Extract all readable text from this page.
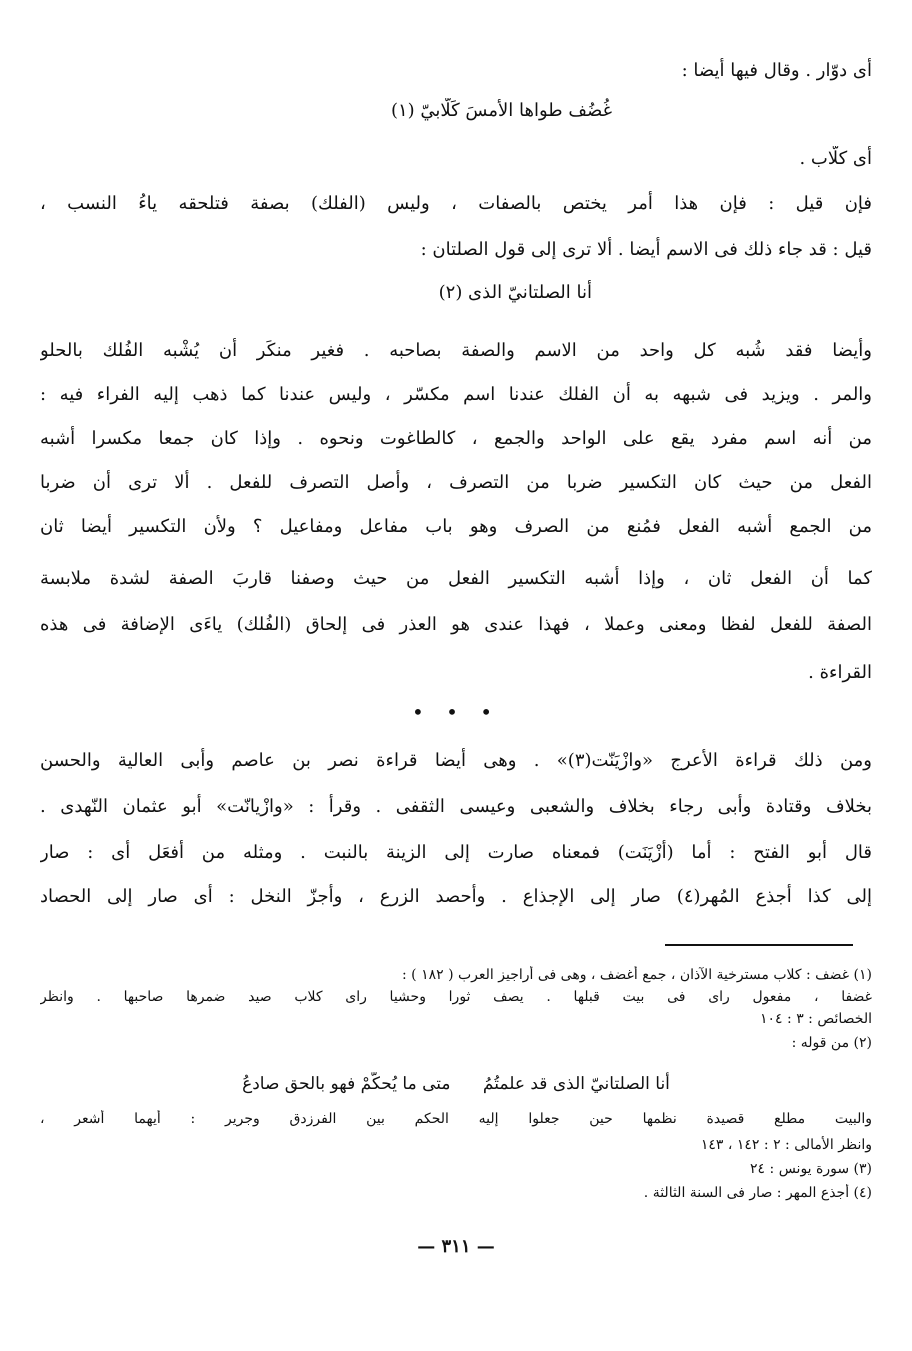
أى دوّار . وقال فيها أيضا :
غُضُف طواها الأمسَ كَلّابيّ (١)
أى كلّاب .
فإن قيل : فإن هذا أمر يختص بالصفات ، وليس (الفلك) بصفة فتلحقه ياءُ النسب ،
قيل : قد جاء ذلك فى الاسم أيضا . ألا ترى إلى قول الصلتان :
أنا الصلتانيّ الذى (٢)
وأيضا فقد شُبه كل واحد من الاسم والصفة بصاحبه . فغير منكَر أن يُشْبه الفُلك بالحلو
والمر . ويزيد فى شبهه به أن الفلك عندنا اسم مكسّر ، وليس عندنا كما ذهب إليه الفراء فيه :
من أنه اسم مفرد يقع على الواحد والجمع ، كالطاغوت ونحوه . وإذا كان جمعا مكسرا أشبه
الفعل من حيث كان التكسير ضربا من التصرف ، وأصل التصرف للفعل . ألا ترى أن ضربا
من الجمع أشبه الفعل فمُنع من الصرف وهو باب مفاعل ومفاعيل ؟ ولأن التكسير أيضا ثان
كما أن الفعل ثان ، وإذا أشبه التكسير الفعل من حيث وصفنا قاربَ الصفة لشدة ملابسة
الصفة للفعل لفظا ومعنى وعملا ، فهذا عندى هو العذر فى إلحاق (الفُلك) ياءَى الإضافة فى هذه
القراءة .
• • •
ومن ذلك قراءة الأعرج «وازْيَنّت(٣)» . وهى أيضا قراءة نصر بن عاصم وأبى العالية والحسن
بخلاف وقتادة وأبى رجاء بخلاف والشعبى وعيسى الثقفى . وقرأ : «وازْيانّت» أبو عثمان النّهدى .
قال أبو الفتح : أما (أزْيَنَت) فمعناه صارت إلى الزينة بالنبت . ومثله من أفعَل أى : صار
إلى كذا أجذع المُهر(٤) صار إلى الإجذاع . وأحصد الزرع ، وأجزّ النخل : أى صار إلى الحصاد
(١) غضف : كلاب مسترخية الآذان ، جمع أغضف ، وهى فى أراجيز العرب ( ١٨٢ ) :
غضفا ، مفعول راى فى بيت قبلها . يصف ثورا وحشيا راى كلاب صيد ضمرها صاحبها . وانظر
الخصائص : ٣ : ١٠٤
(٢) من قوله :
أنا الصلتانيّ الذى قد علمتُمُ      متى ما يُحكَّمْ فهو بالحق صادعُ
والبيت مطلع قصيدة نظمها حين جعلوا إليه الحكم بين الفرزدق وجرير : أيهما أشعر ،
وانظر الأمالى : ٢ : ١٤٢ ، ١٤٣
(٣) سورة يونس : ٢٤
(٤) أجذع المهر : صار فى السنة الثالثة .
— ٣١١ —
